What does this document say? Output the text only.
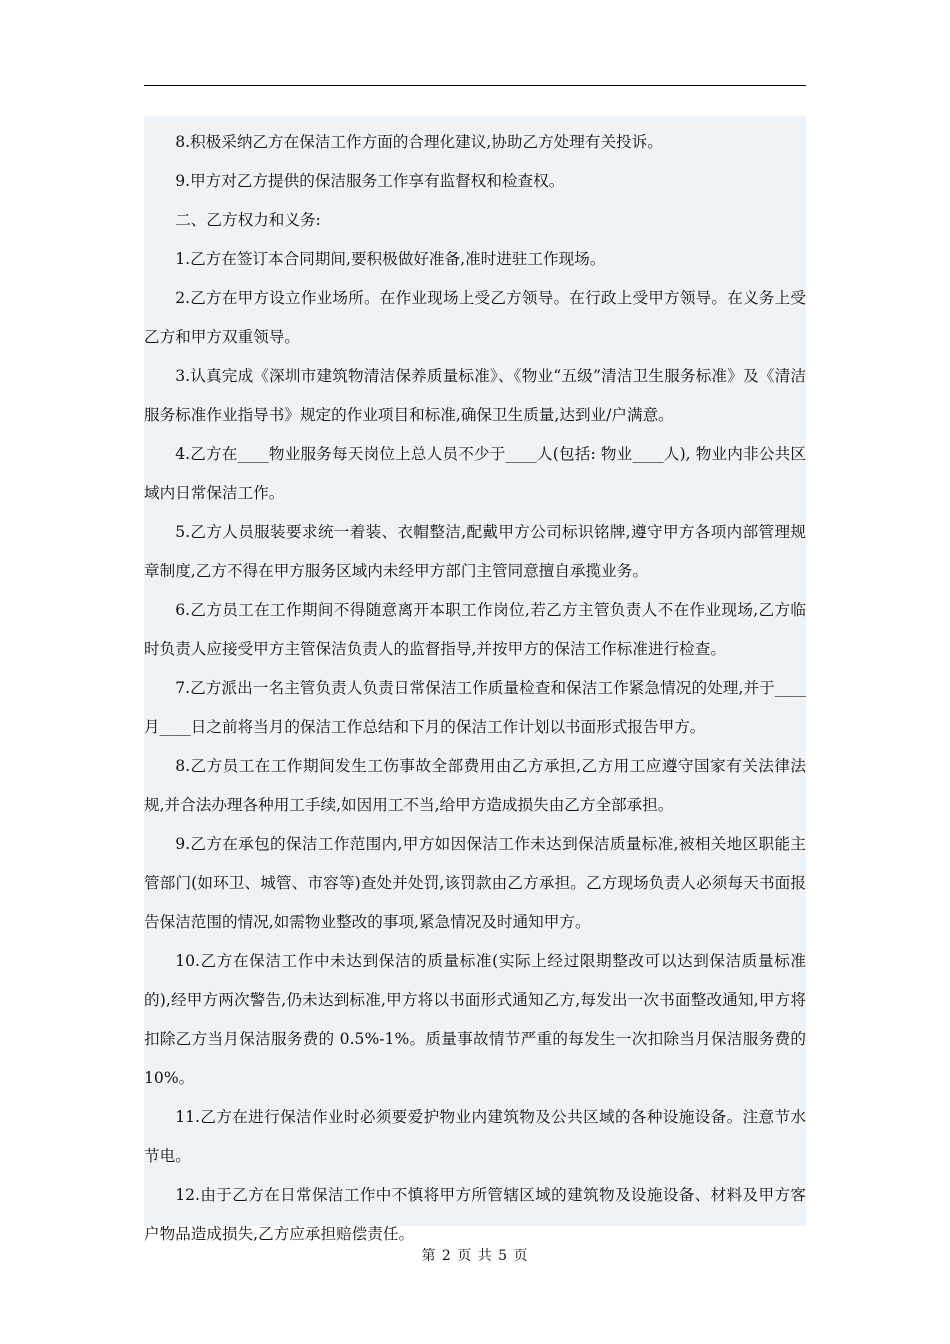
8.积极采纳乙方在保洁工作方面的合理化建议,协助乙方处理有关投诉。

9.甲方对乙方提供的保洁服务工作享有监督权和检查权。

二、乙方权力和义务:

1.乙方在签订本合同期间,要积极做好准备,准时进驻工作现场。

2.乙方在甲方设立作业场所。在作业现场上受乙方领导。在行政上受甲方领导。在义务上受乙方和甲方双重领导。

3.认真完成《深圳市建筑物清洁保养质量标准》、《物业“五级”清洁卫生服务标准》及《清洁服务标准作业指导书》规定的作业项目和标准,确保卫生质量,达到业/户满意。

4.乙方在____物业服务每天岗位上总人员不少于____人(包括: 物业____人), 物业内非公共区域内日常保洁工作。

5.乙方人员服装要求统一着装、衣帽整洁,配戴甲方公司标识铭牌,遵守甲方各项内部管理规章制度,乙方不得在甲方服务区域内未经甲方部门主管同意擅自承揽业务。

6.乙方员工在工作期间不得随意离开本职工作岗位,若乙方主管负责人不在作业现场,乙方临时负责人应接受甲方主管保洁负责人的监督指导,并按甲方的保洁工作标准进行检查。

7.乙方派出一名主管负责人负责日常保洁工作质量检查和保洁工作紧急情况的处理,并于____月____日之前将当月的保洁工作总结和下月的保洁工作计划以书面形式报告甲方。

8.乙方员工在工作期间发生工伤事故全部费用由乙方承担,乙方用工应遵守国家有关法律法规,并合法办理各种用工手续,如因用工不当,给甲方造成损失由乙方全部承担。

9.乙方在承包的保洁工作范围内,甲方如因保洁工作未达到保洁质量标准,被相关地区职能主管部门(如环卫、城管、市容等)查处并处罚,该罚款由乙方承担。乙方现场负责人必须每天书面报告保洁范围的情况,如需物业整改的事项,紧急情况及时通知甲方。

10.乙方在保洁工作中未达到保洁的质量标准(实际上经过限期整改可以达到保洁质量标准的),经甲方两次警告,仍未达到标准,甲方将以书面形式通知乙方,每发出一次书面整改通知,甲方将扣除乙方当月保洁服务费的 0.5%-1%。质量事故情节严重的每发生一次扣除当月保洁服务费的 10%。

11.乙方在进行保洁作业时必须要爱护物业内建筑物及公共区域的各种设施设备。注意节水节电。

12.由于乙方在日常保洁工作中不慎将甲方所管辖区域的建筑物及设施设备、材料及甲方客户物品造成损失,乙方应承担赔偿责任。

第 2 页 共 5 页
